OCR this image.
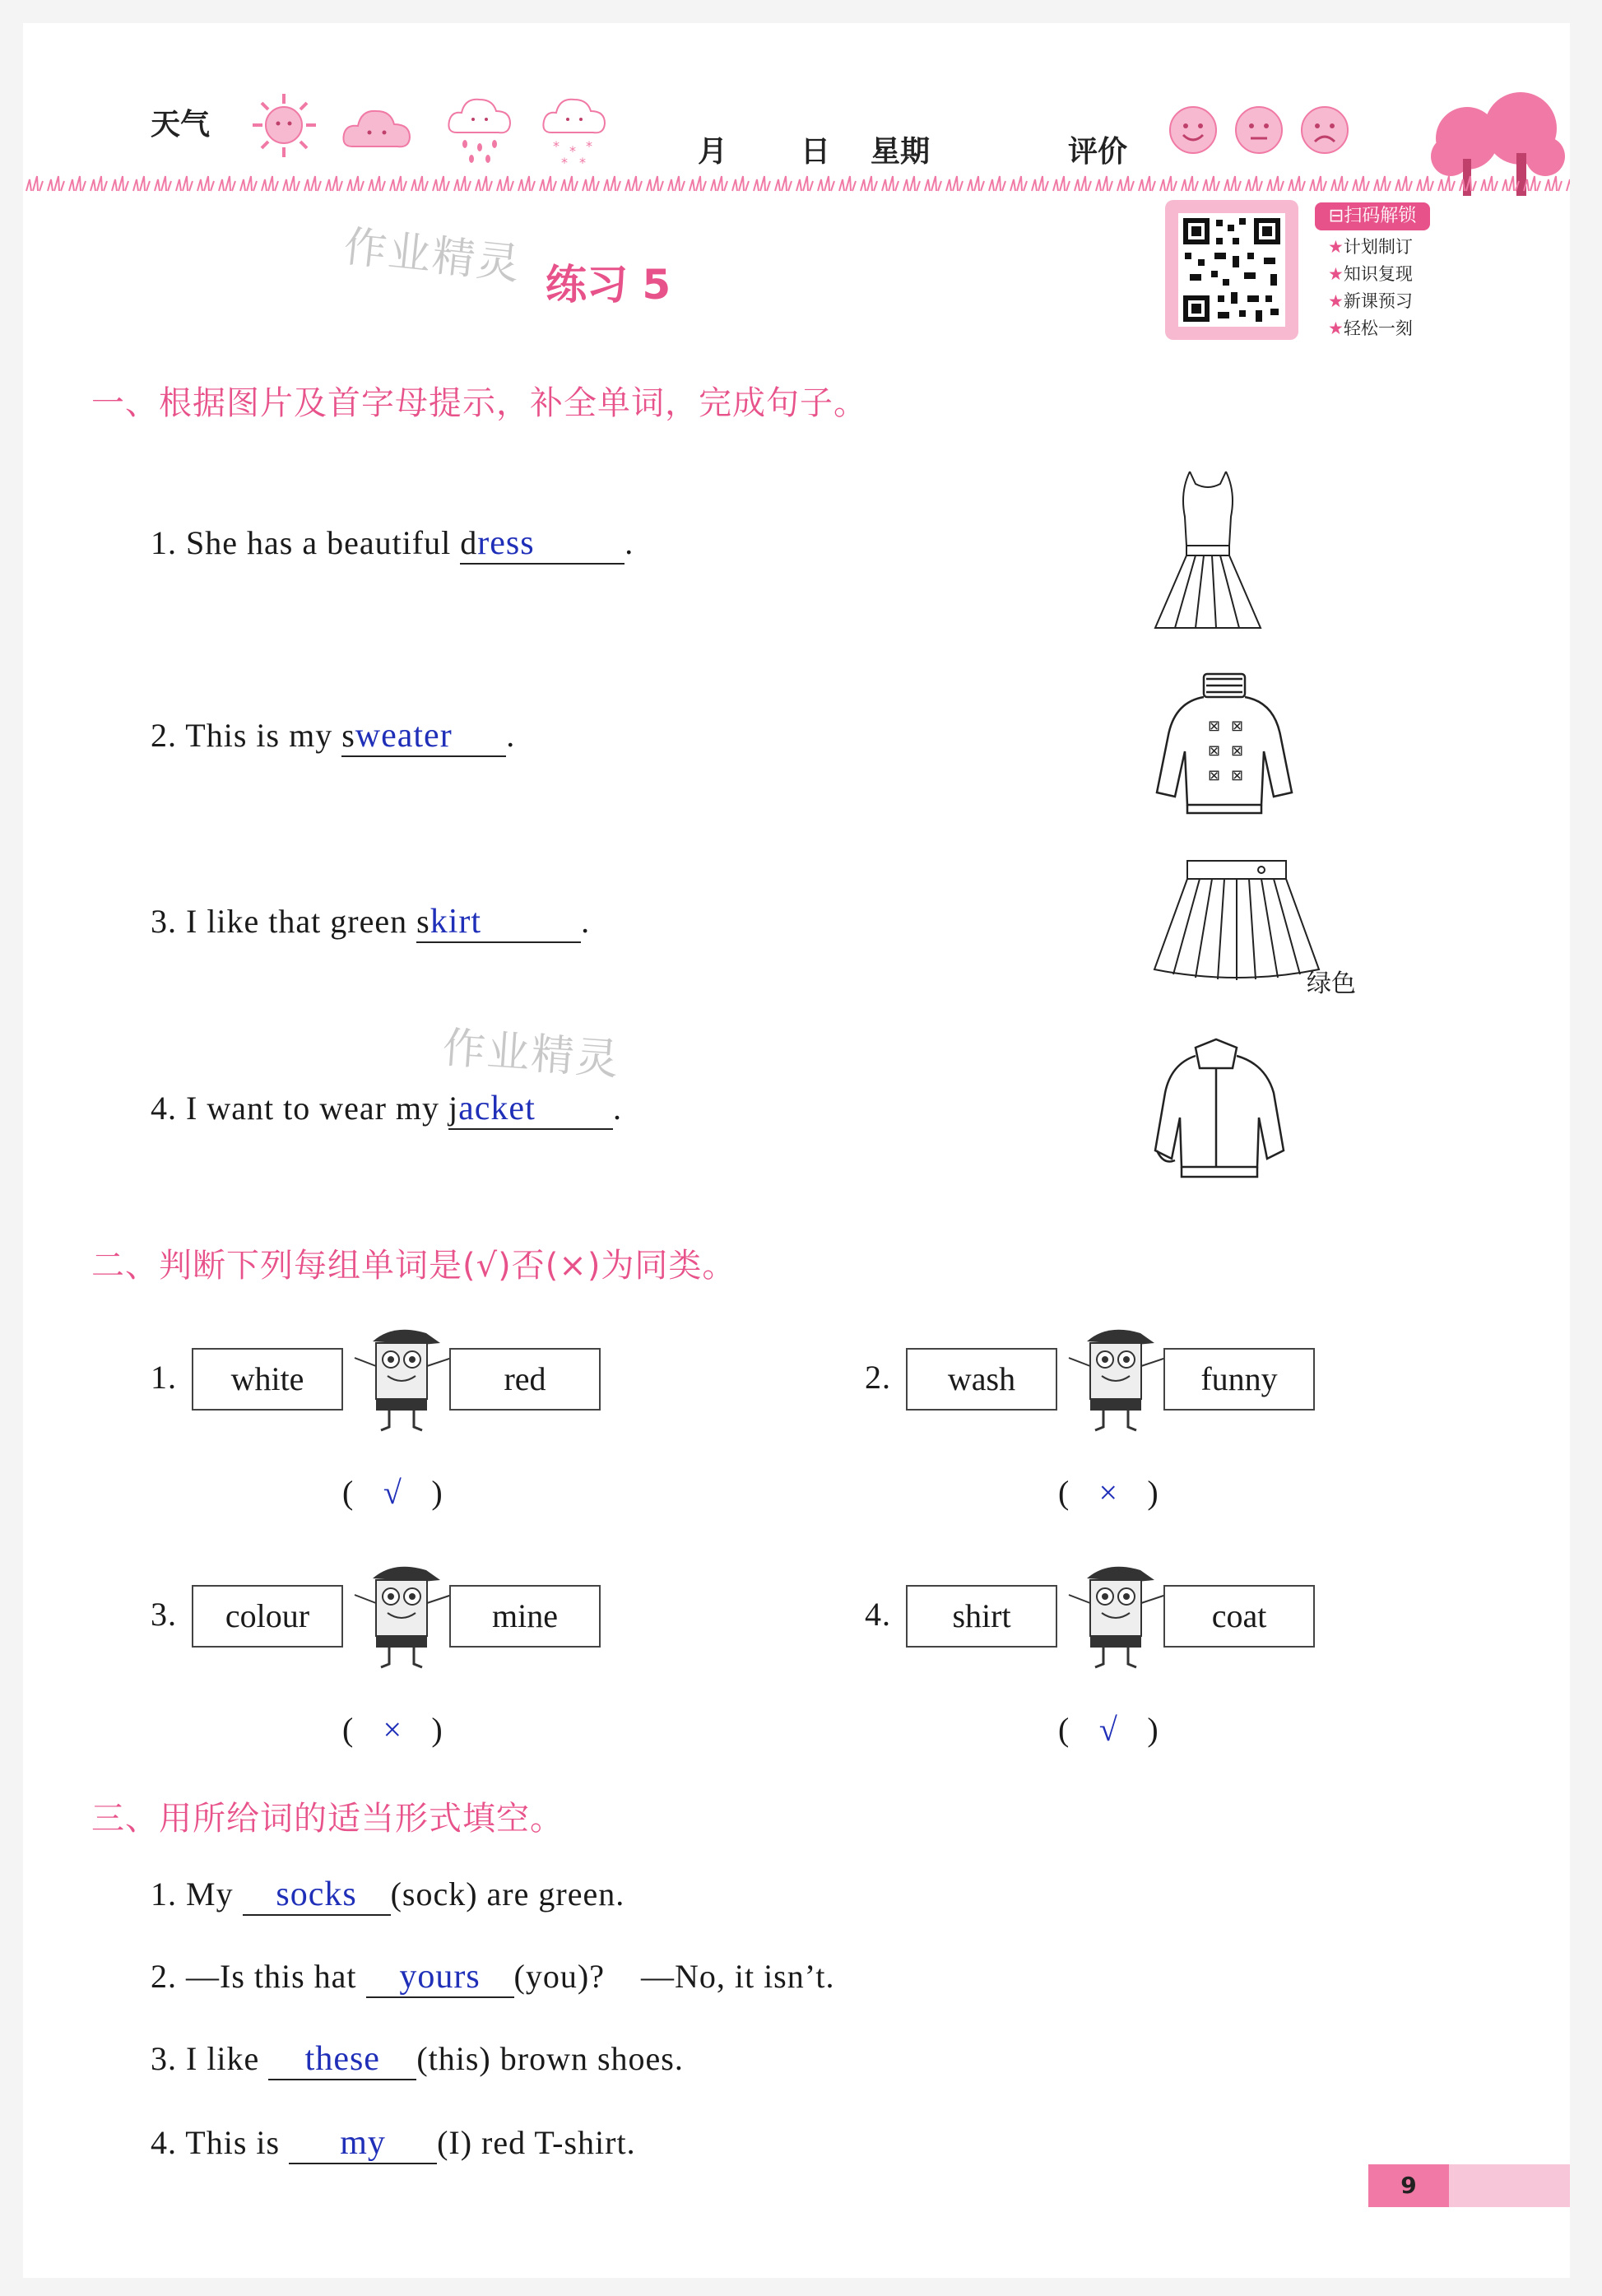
天气
* * *
* *	月 日 星期	评价
⊟扫码解锁
★计划制订
★知识复现
★新课预习
★轻松一刻
作业精灵 练习 5
一、根据图片及首字母提示，补全单词，完成句子。
1. She has a beautiful dress	.
2. This is my sweater .
3. I like that green skirt	.
作业精灵
4. I want to wear my jacket .
⊠ ⊠
⊠ ⊠
⊠ ⊠
绿色
二、判断下列每组单词是(√)否(×)为同类。
1.	white	red
( √ )
2.	wash	funny
( × )
3.	colour	mine
( × )
4.	shirt	coat
( √ )
三、用所给词的适当形式填空。
1. My socks (sock) are green.
2. —Is this hat yours (you)? —No, it isn’t.
3. I like these (this) brown shoes.
4. This is my (I) red T-shirt.
9
